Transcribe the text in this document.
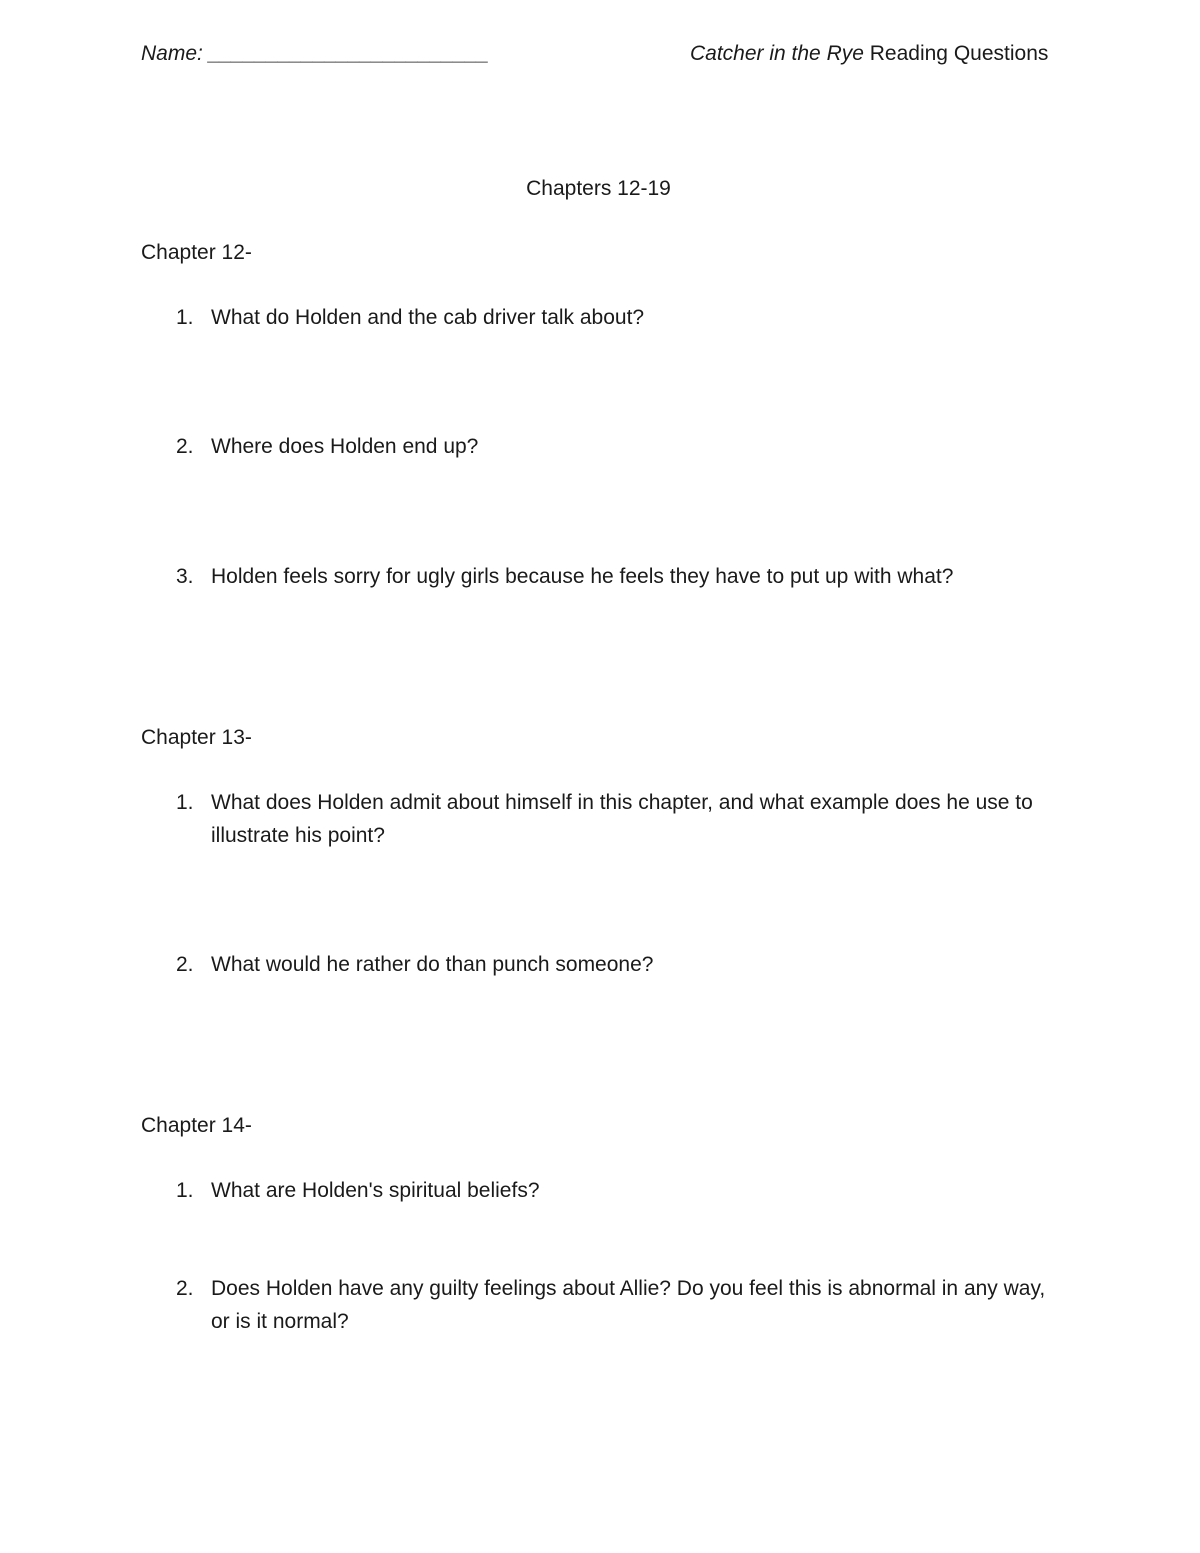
Name: ________________________	Catcher in the Rye Reading Questions
Chapters 12-19
Chapter 12-
1. What do Holden and the cab driver talk about?
2. Where does Holden end up?
3. Holden feels sorry for ugly girls because he feels they have to put up with what?
Chapter 13-
1. What does Holden admit about himself in this chapter, and what example does he use to illustrate his point?
2. What would he rather do than punch someone?
Chapter 14-
1. What are Holden's spiritual beliefs?
2. Does Holden have any guilty feelings about Allie? Do you feel this is abnormal in any way, or is it normal?
